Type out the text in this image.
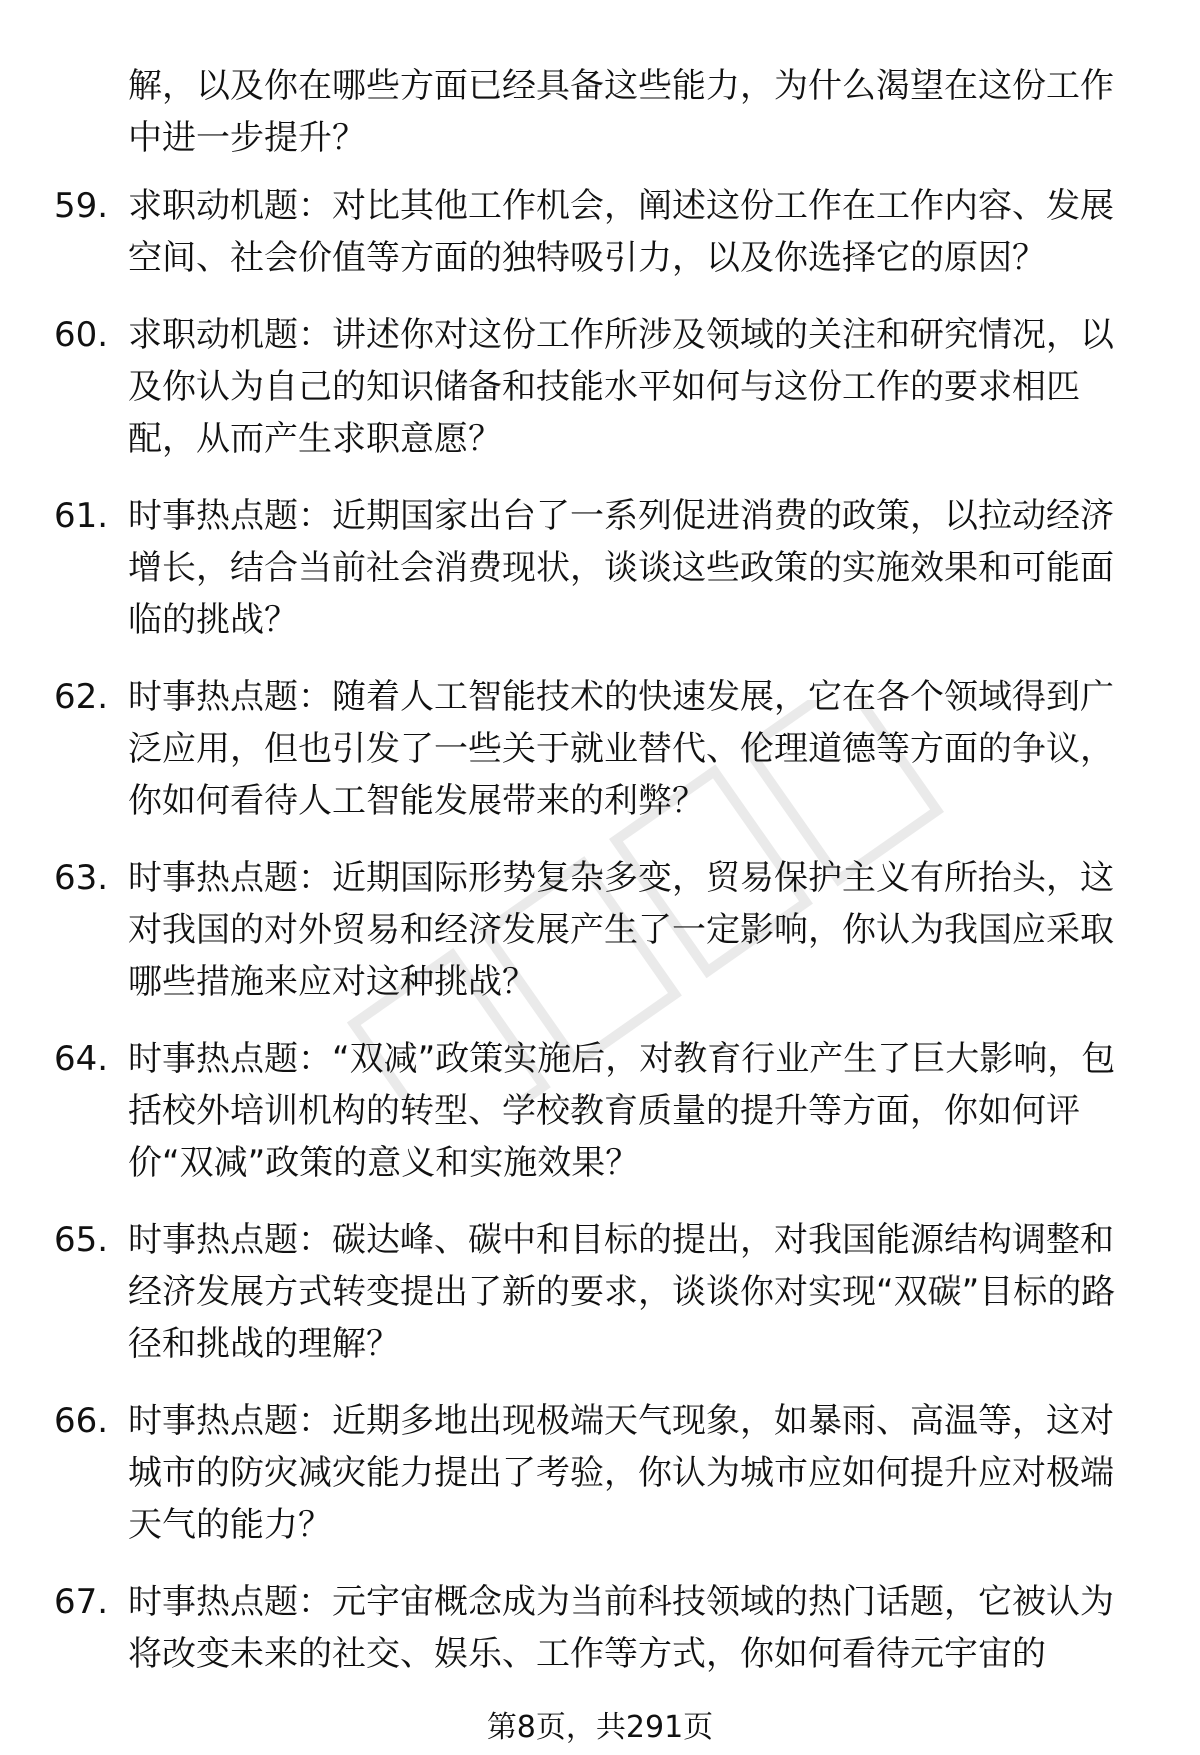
解，以及你在哪些方面已经具备这些能力，为什么渴望在这份工作中进一步提升？

59. 求职动机题：对比其他工作机会，阐述这份工作在工作内容、发展空间、社会价值等方面的独特吸引力，以及你选择它的原因？

60. 求职动机题：讲述你对这份工作所涉及领域的关注和研究情况，以及你认为自己的知识储备和技能水平如何与这份工作的要求相匹配，从而产生求职意愿？

61. 时事热点题：近期国家出台了一系列促进消费的政策，以拉动经济增长，结合当前社会消费现状，谈谈这些政策的实施效果和可能面临的挑战？

62. 时事热点题：随着人工智能技术的快速发展，它在各个领域得到广泛应用，但也引发了一些关于就业替代、伦理道德等方面的争议，你如何看待人工智能发展带来的利弊？

63. 时事热点题：近期国际形势复杂多变，贸易保护主义有所抬头，这对我国的对外贸易和经济发展产生了一定影响，你认为我国应采取哪些措施来应对这种挑战？

64. 时事热点题：“双减”政策实施后，对教育行业产生了巨大影响，包括校外培训机构的转型、学校教育质量的提升等方面，你如何评价“双减”政策的意义和实施效果？

65. 时事热点题：碳达峰、碳中和目标的提出，对我国能源结构调整和经济发展方式转变提出了新的要求，谈谈你对实现“双碳”目标的路径和挑战的理解？

66. 时事热点题：近期多地出现极端天气现象，如暴雨、高温等，这对城市的防灾减灾能力提出了考验，你认为城市应如何提升应对极端天气的能力？

67. 时事热点题：元宇宙概念成为当前科技领域的热门话题，它被认为将改变未来的社交、娱乐、工作等方式，你如何看待元宇宙的

第8页，共291页
